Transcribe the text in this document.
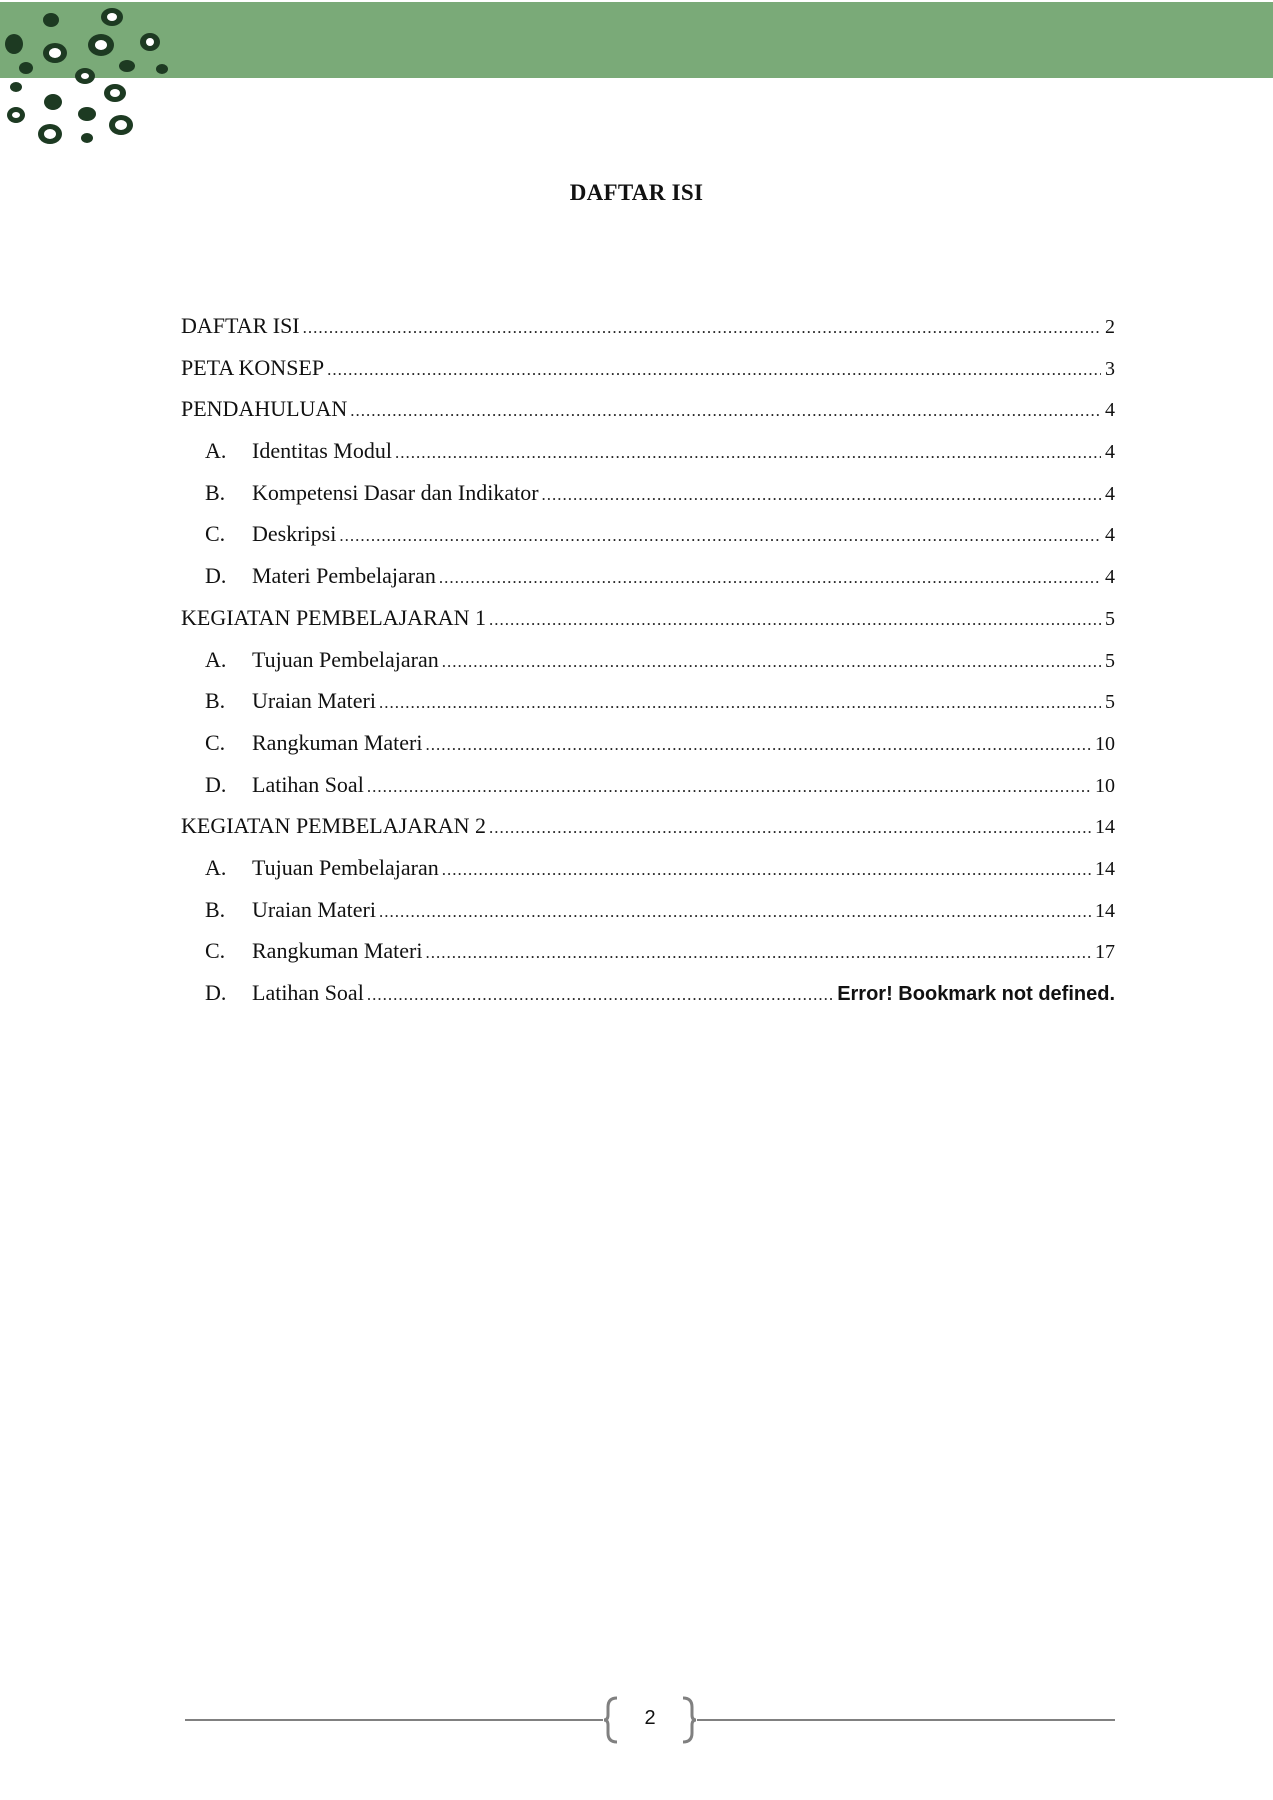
DAFTAR ISI
DAFTAR ISI .....	2
PETA KONSEP .....	3
PENDAHULUAN .....	4
A.	Identitas Modul .....	4
B.	Kompetensi Dasar dan Indikator .....	4
C.	Deskripsi .....	4
D.	Materi Pembelajaran .....	4
KEGIATAN PEMBELAJARAN 1 .....	5
A.	Tujuan Pembelajaran .....	5
B.	Uraian Materi .....	5
C.	Rangkuman Materi .....	10
D.	Latihan Soal .....	10
KEGIATAN PEMBELAJARAN 2 .....	14
A.	Tujuan Pembelajaran .....	14
B.	Uraian Materi .....	14
C.	Rangkuman Materi .....	17
D.	Latihan Soal .....	Error! Bookmark not defined.
2
